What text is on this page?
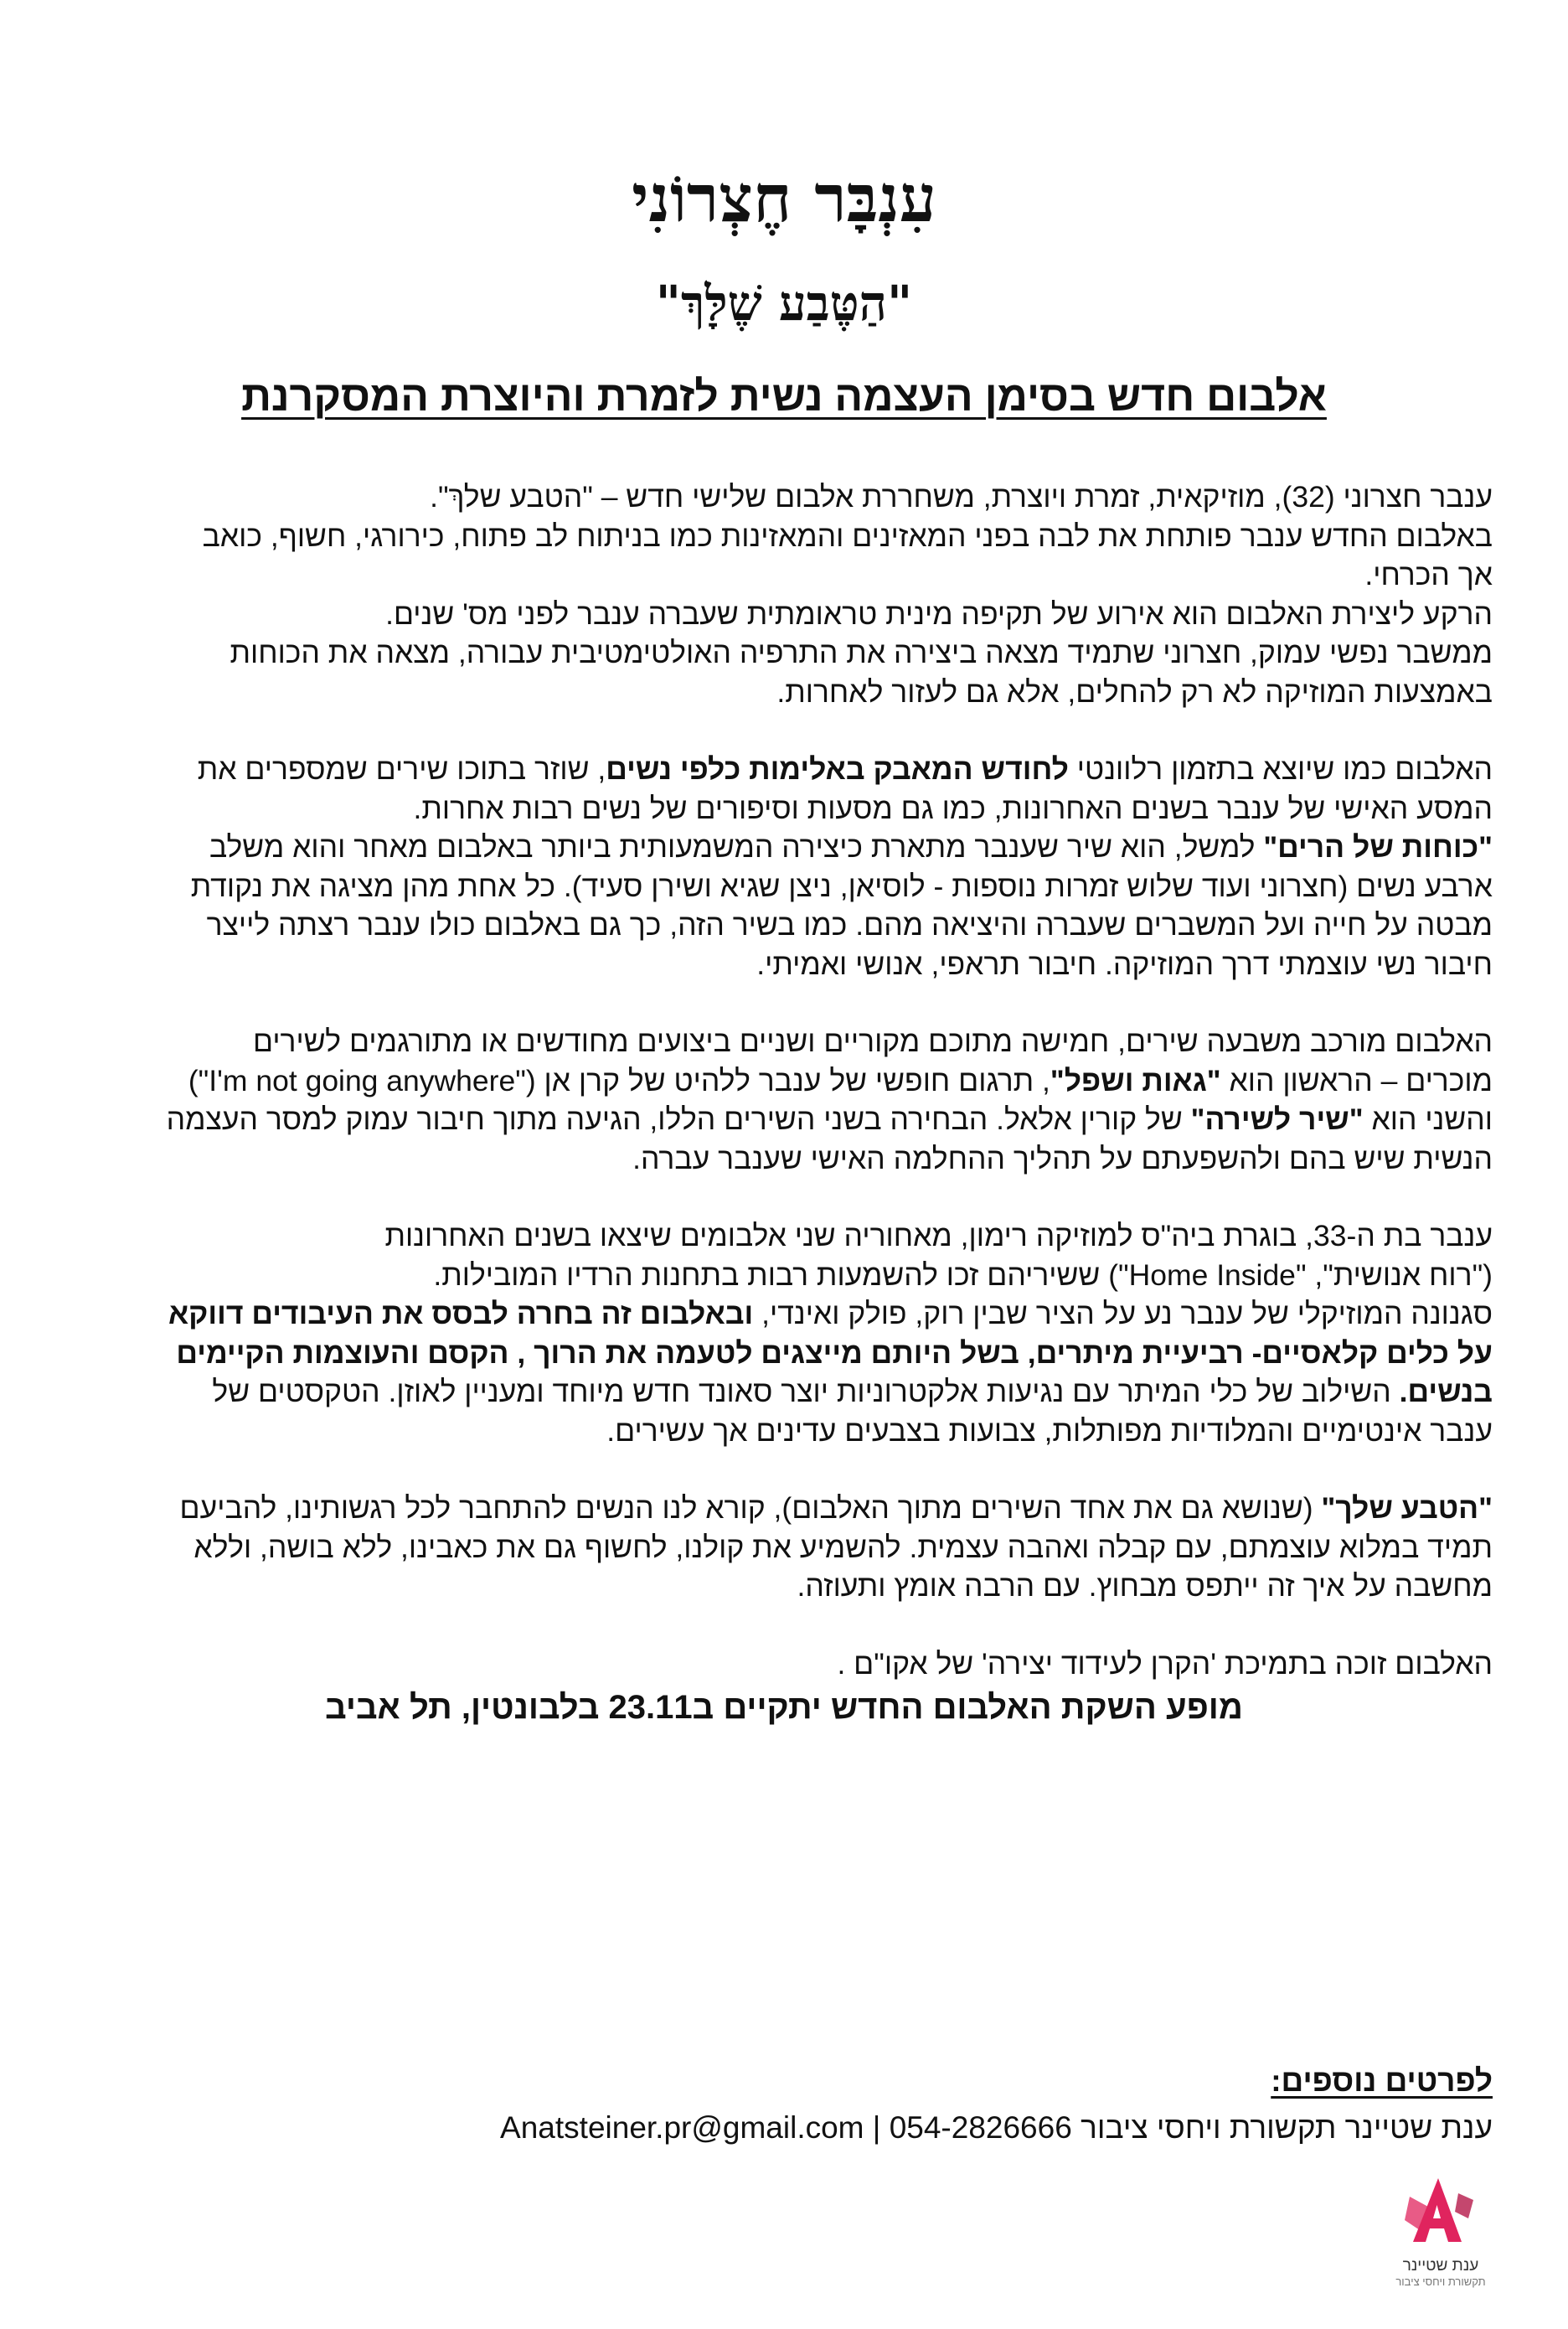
עִנְבָּר חֶצְרוֹנִי
"הַטֶּבַע שֶׁלָּךְ"
אלבום חדש בסימן העצמה נשית לזמרת והיוצרת המסקרנת

ענבר חצרוני (32), מוזיקאית, זמרת ויוצרת, משחררת אלבום שלישי חדש – "הטבע שלךְ".
באלבום החדש ענבר פותחת את לבה בפני המאזינים והמאזינות כמו בניתוח לב פתוח, כירורגי, חשוף, כואב
אך הכרחי.
הרקע ליצירת האלבום הוא אירוע של תקיפה מינית טראומתית שעברה ענבר לפני מס' שנים.
ממשבר נפשי עמוק, חצרוני שתמיד מצאה ביצירה את התרפיה האולטימטיבית עבורה, מצאה את הכוחות
באמצעות המוזיקה לא רק להחלים, אלא גם לעזור לאחרות.

האלבום כמו שיוצא בתזמון רלוונטי לחודש המאבק באלימות כלפי נשים, שוזר בתוכו שירים שמספרים את
המסע האישי של ענבר בשנים האחרונות, כמו גם מסעות וסיפורים של נשים רבות אחרות.
"כוחות של הרים" למשל, הוא שיר שענבר מתארת כיצירה המשמעותית ביותר באלבום מאחר והוא משלב
ארבע נשים (חצרוני ועוד שלוש זמרות נוספות - לוסיאן, ניצן שגיא ושירן סעיד). כל אחת מהן מציגה את נקודת
מבטה על חייה ועל המשברים שעברה והיציאה מהם. כמו בשיר הזה, כך גם באלבום כולו ענבר רצתה לייצר
חיבור נשי עוצמתי דרך המוזיקה. חיבור תראפי, אנושי ואמיתי.

האלבום מורכב משבעה שירים, חמישה מתוכם מקוריים ושניים ביצועים מחודשים או מתורגמים לשירים
מוכרים – הראשון הוא "גאות ושפל", תרגום חופשי של ענבר ללהיט של קרן אן ("I'm not going anywhere")
והשני הוא "שיר לשירה" של קורין אלאל. הבחירה בשני השירים הללו, הגיעה מתוך חיבור עמוק למסר העצמה
הנשית שיש בהם ולהשפעתם על תהליך ההחלמה האישי שענבר עברה.

ענבר בת ה-33, בוגרת ביה"ס למוזיקה רימון, מאחוריה שני אלבומים שיצאו בשנים האחרונות
("רוח אנושית", "Home Inside") ששיריהם זכו להשמעות רבות בתחנות הרדיו המובילות.
סגנונה המוזיקלי של ענבר נע על הציר שבין רוק, פולק ואינדי, ובאלבום זה בחרה לבסס את העיבודים דווקא
על כלים קלאסיים- רביעיית מיתרים, בשל היותם מייצגים לטעמה את הרוך , הקסם והעוצמות הקיימים
בנשים. השילוב של כלי המיתר עם נגיעות אלקטרוניות יוצר סאונד חדש מיוחד ומעניין לאוזן. הטקסטים של
ענבר אינטימיים והמלודיות מפותלות, צבועות בצבעים עדינים אך עשירים.

"הטבע שלך" (שנושא גם את אחד השירים מתוך האלבום), קורא לנו הנשים להתחבר לכל רגשותינו, להביעם
תמיד במלוא עוצמתם, עם קבלה ואהבה עצמית. להשמיע את קולנו, לחשוף גם את כאבינו, ללא בושה, וללא
מחשבה על איך זה ייתפס מבחוץ. עם הרבה אומץ ותעוזה.

האלבום זוכה בתמיכת 'הקרן לעידוד יצירה' של אקו"ם .

מופע השקת האלבום החדש יתקיים ב23.11 בלבונטין, תל אביב
לפרטים נוספים:
ענת שטיינר תקשורת ויחסי ציבור 054-2826666 | Anatsteiner.pr@gmail.com
ענת שטיינר
תקשורת ויחסי ציבור
